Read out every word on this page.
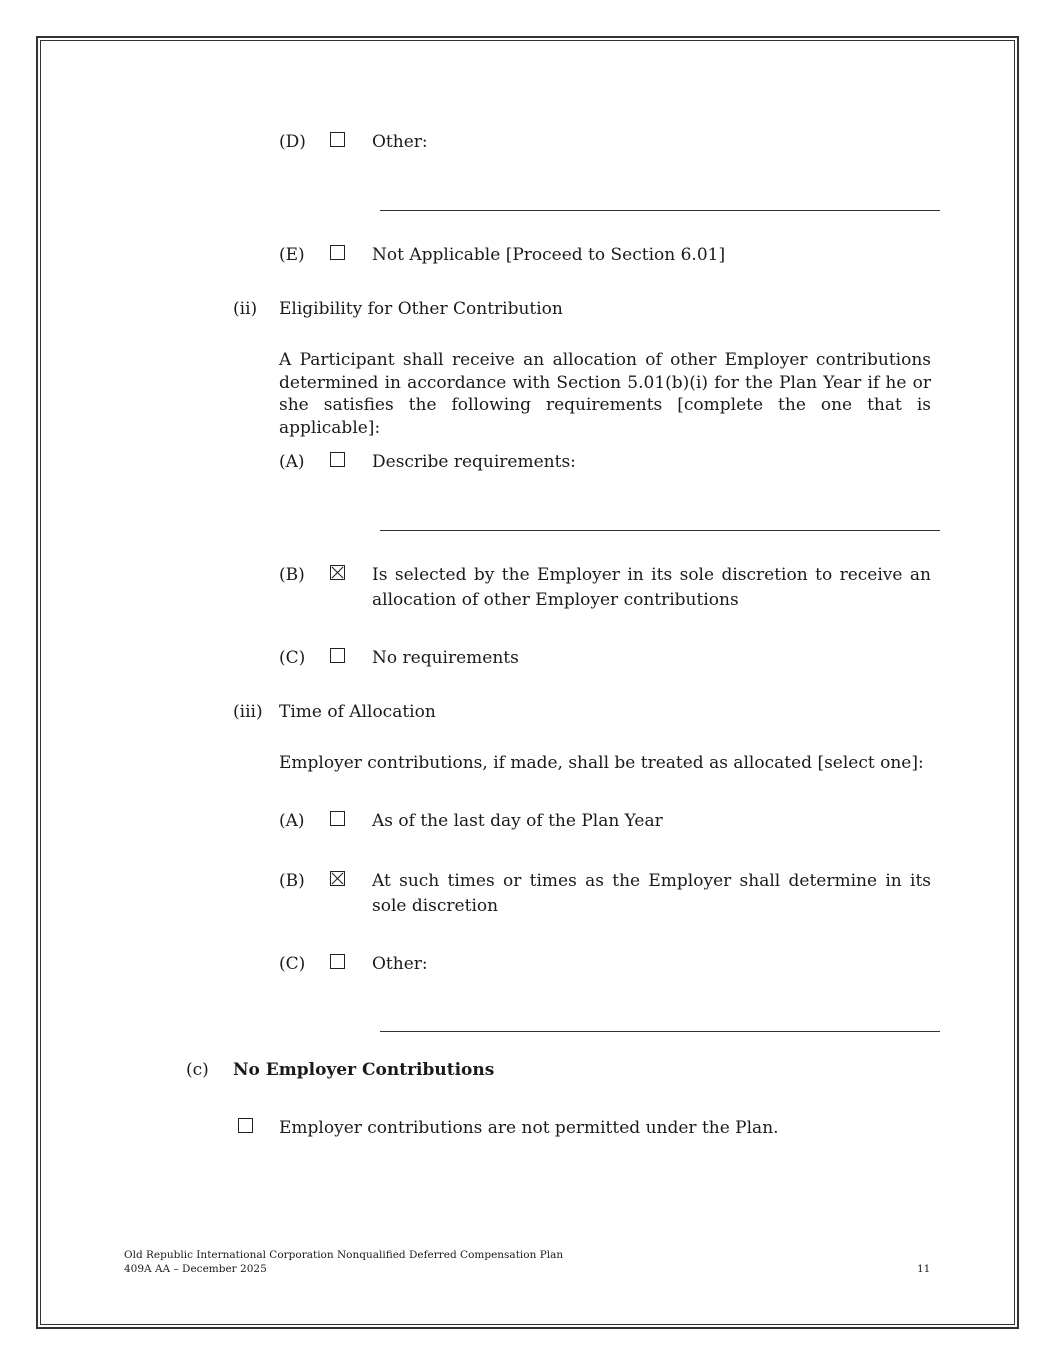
(D)	Other:
(E)	Not Applicable [Proceed to Section 6.01]
(ii) Eligibility for Other Contribution
A Participant shall receive an allocation of other Employer contributions determined in accordance with Section 5.01(b)(i) for the Plan Year if he or she satisfies the following requirements [complete the one that is applicable]:
(A)	Describe requirements:
(B)	Is selected by the Employer in its sole discretion to receive an allocation of other Employer contributions
(C)	No requirements
(iii) Time of Allocation
Employer contributions, if made, shall be treated as allocated [select one]:
(A)	As of the last day of the Plan Year
(B)	At such times or times as the Employer shall determine in its sole discretion
(C)	Other:
(c) No Employer Contributions
Employer contributions are not permitted under the Plan.
Old Republic International Corporation Nonqualified Deferred Compensation Plan
409A AA – December 2025	11
